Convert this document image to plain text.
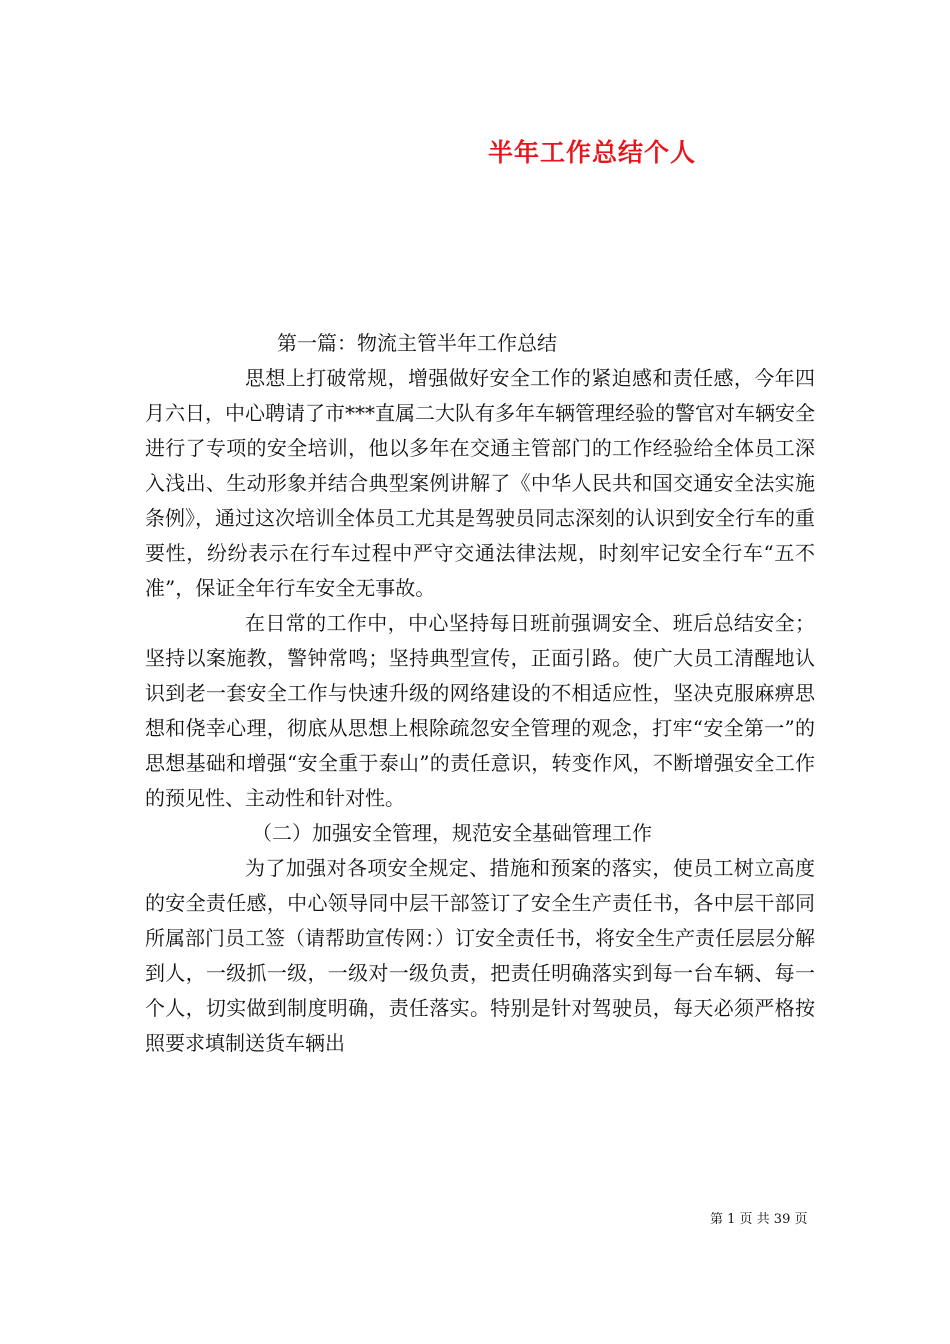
半年工作总结个人

第一篇：物流主管半年工作总结

思想上打破常规，增强做好安全工作的紧迫感和责任感，今年四月六日，中心聘请了市***直属二大队有多年车辆管理经验的警官对车辆安全进行了专项的安全培训，他以多年在交通主管部门的工作经验给全体员工深入浅出、生动形象并结合典型案例讲解了《中华人民共和国交通安全法实施条例》，通过这次培训全体员工尤其是驾驶员同志深刻的认识到安全行车的重要性，纷纷表示在行车过程中严守交通法律法规，时刻牢记安全行车“五不准”，保证全年行车安全无事故。

在日常的工作中，中心坚持每日班前强调安全、班后总结安全；坚持以案施教，警钟常鸣；坚持典型宣传，正面引路。使广大员工清醒地认识到老一套安全工作与快速升级的网络建设的不相适应性，坚决克服麻痹思想和侥幸心理，彻底从思想上根除疏忽安全管理的观念，打牢“安全第一”的思想基础和增强“安全重于泰山”的责任意识，转变作风，不断增强安全工作的预见性、主动性和针对性。

（二）加强安全管理，规范安全基础管理工作

为了加强对各项安全规定、措施和预案的落实，使员工树立高度的安全责任感，中心领导同中层干部签订了安全生产责任书，各中层干部同所属部门员工签（请帮助宣传网：）订安全责任书，将安全生产责任层层分解到人，一级抓一级，一级对一级负责，把责任明确落实到每一台车辆、每一个人，切实做到制度明确，责任落实。特别是针对驾驶员，每天必须严格按照要求填制送货车辆出

第 1 页 共 39 页
